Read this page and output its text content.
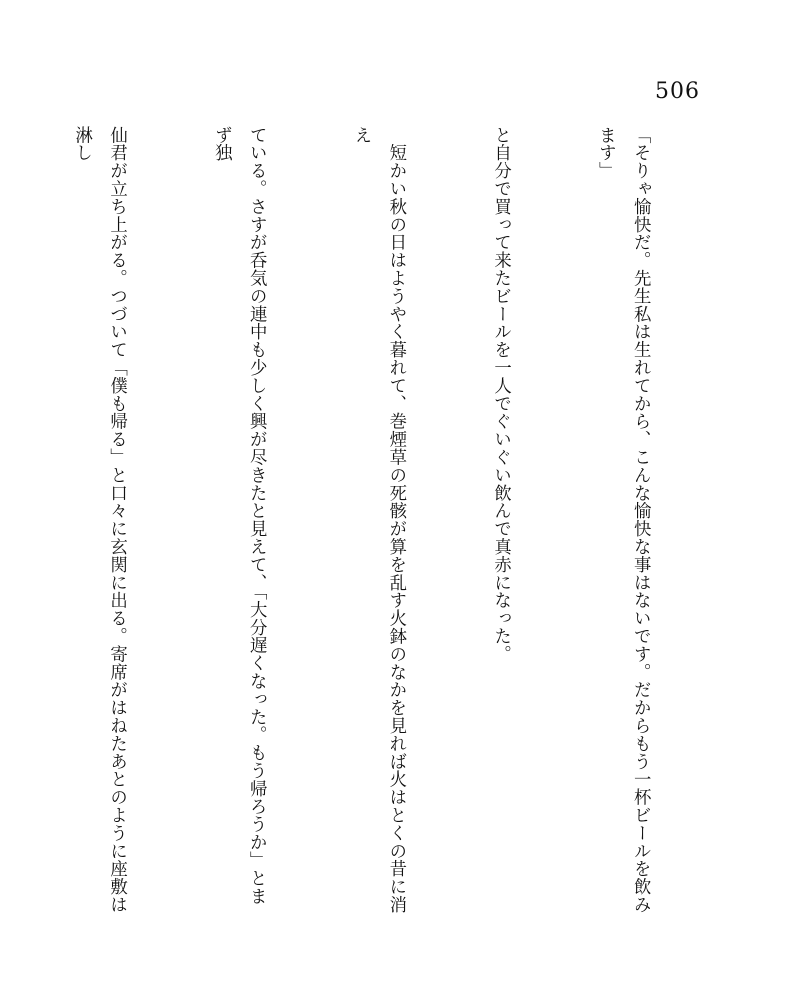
506

「そりゃ愉快だ。先生私は生れてから、こんな愉快な事はないです。だからもう一杯ビールを飲みます」

と自分で買って来たビールを一人でぐいぐい飲んで真赤になった。

　短かい秋の日はようやく暮れて、巻煙草の死骸が算を乱す火鉢のなかを見れば火はとくの昔に消え

ている。さすが呑気の連中も少しく興が尽きたと見えて、「大分遅くなった。もう帰ろうか」とまず独

仙君が立ち上がる。つづいて「僕も帰る」と口々に玄関に出る。寄席がはねたあとのように座敷は淋し
